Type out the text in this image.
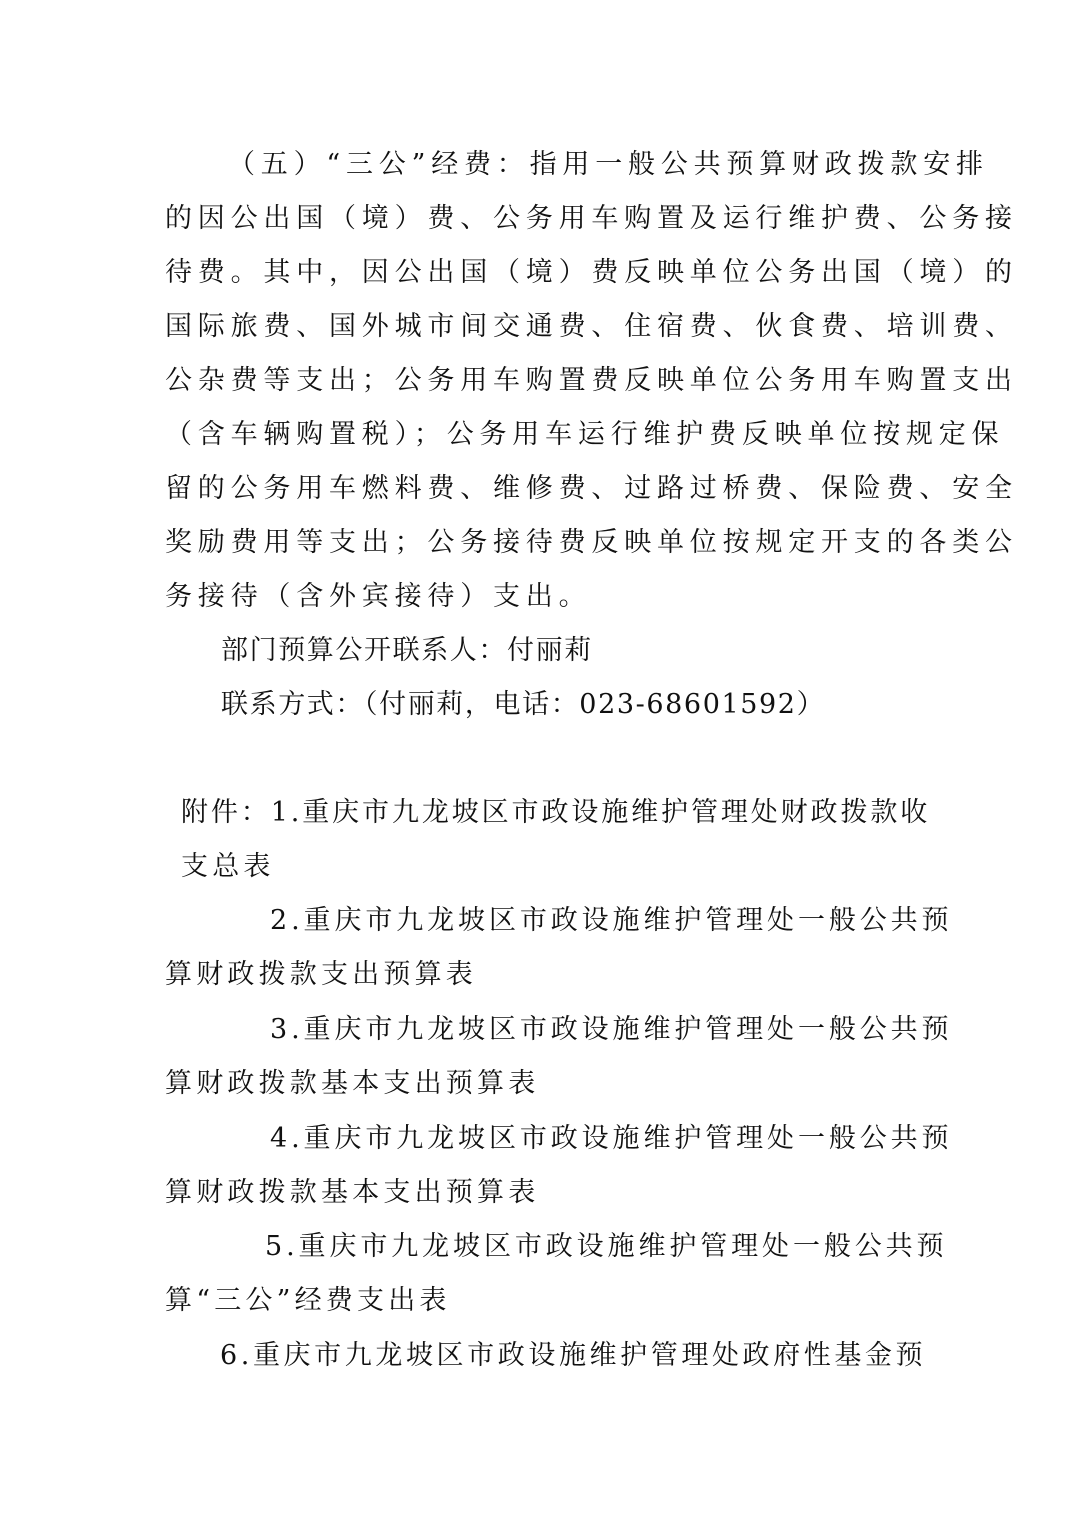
（五）“三公”经费：指用一般公共预算财政拨款安排
的因公出国（境）费、公务用车购置及运行维护费、公务接
待费。其中，因公出国（境）费反映单位公务出国（境）的
国际旅费、国外城市间交通费、住宿费、伙食费、培训费、
公杂费等支出；公务用车购置费反映单位公务用车购置支出
（含车辆购置税）；公务用车运行维护费反映单位按规定保
留的公务用车燃料费、维修费、过路过桥费、保险费、安全
奖励费用等支出；公务接待费反映单位按规定开支的各类公
务接待（含外宾接待）支出。

部门预算公开联系人：付丽莉

联系方式：（付丽莉，电话：023-68601592）

附件：1.重庆市九龙坡区市政设施维护管理处财政拨款收

支总表

2.重庆市九龙坡区市政设施维护管理处一般公共预

算财政拨款支出预算表

3.重庆市九龙坡区市政设施维护管理处一般公共预

算财政拨款基本支出预算表

4.重庆市九龙坡区市政设施维护管理处一般公共预

算财政拨款基本支出预算表

5.重庆市九龙坡区市政设施维护管理处一般公共预

算“三公”经费支出表

6.重庆市九龙坡区市政设施维护管理处政府性基金预
